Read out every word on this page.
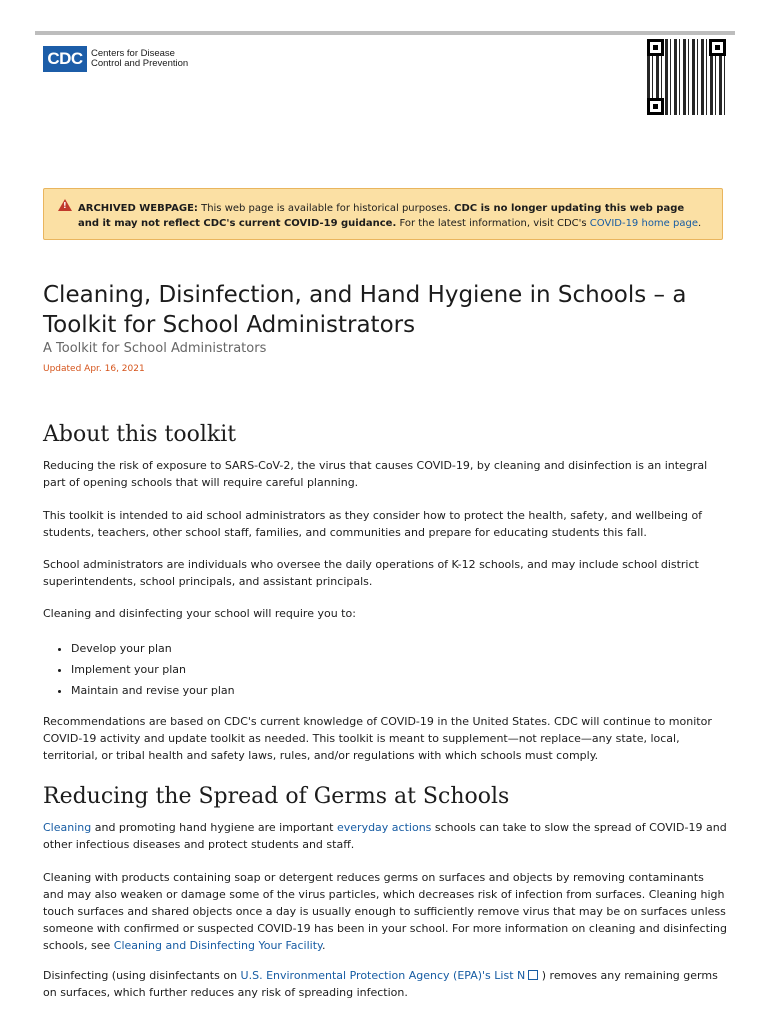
CDC Centers for Disease
Control and Prevention
! ARCHIVED WEBPAGE: This web page is available for historical purposes. CDC is no longer updating this web page and it may not reflect CDC's current COVID-19 guidance. For the latest information, visit CDC's COVID-19 home page.
Cleaning, Disinfection, and Hand Hygiene in Schools – a Toolkit for School Administrators
A Toolkit for School Administrators
Updated Apr. 16, 2021
About this toolkit

Reducing the risk of exposure to SARS-CoV-2, the virus that causes COVID-19, by cleaning and disinfection is an integral part of opening schools that will require careful planning.

This toolkit is intended to aid school administrators as they consider how to protect the health, safety, and wellbeing of students, teachers, other school staff, families, and communities and prepare for educating students this fall.

School administrators are individuals who oversee the daily operations of K-12 schools, and may include school district superintendents, school principals, and assistant principals.

Cleaning and disinfecting your school will require you to:

• Develop your plan
• Implement your plan
• Maintain and revise your plan

Recommendations are based on CDC's current knowledge of COVID-19 in the United States. CDC will continue to monitor COVID-19 activity and update toolkit as needed. This toolkit is meant to supplement—not replace—any state, local, territorial, or tribal health and safety laws, rules, and/or regulations with which schools must comply.

Reducing the Spread of Germs at Schools

Cleaning and promoting hand hygiene are important everyday actions schools can take to slow the spread of COVID-19 and other infectious diseases and protect students and staff.

Cleaning with products containing soap or detergent reduces germs on surfaces and objects by removing contaminants and may also weaken or damage some of the virus particles, which decreases risk of infection from surfaces. Cleaning high touch surfaces and shared objects once a day is usually enough to sufficiently remove virus that may be on surfaces unless someone with confirmed or suspected COVID-19 has been in your school. For more information on cleaning and disinfecting schools, see Cleaning and Disinfecting Your Facility.

Disinfecting (using disinfectants on U.S. Environmental Protection Agency (EPA)'s List N ) removes any remaining germs on surfaces, which further reduces any risk of spreading infection.
